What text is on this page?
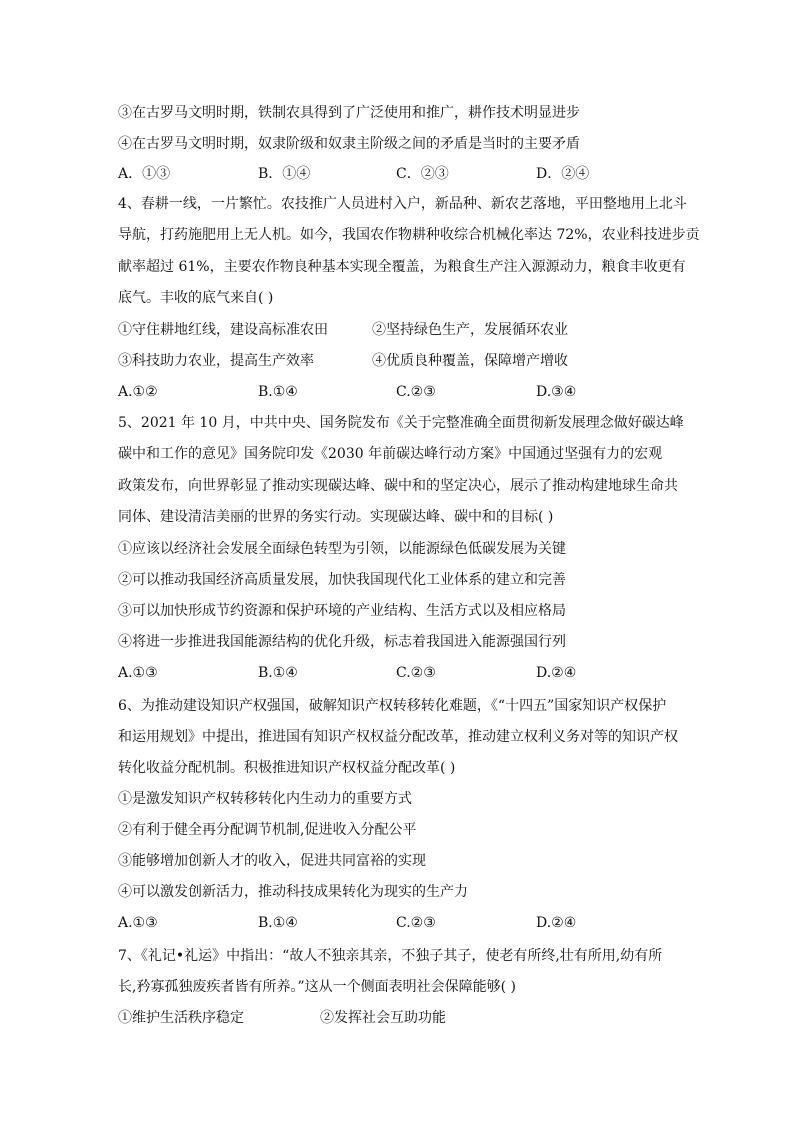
③在古罗马文明时期，铁制农具得到了广泛使用和推广，耕作技术明显进步
④在古罗马文明时期，奴隶阶级和奴隶主阶级之间的矛盾是当时的主要矛盾
A．①③	B．①④	C．②③	D．②④
4、春耕一线，一片繁忙。农技推广人员进村入户，新品种、新农艺落地，平田整地用上北斗
导航，打药施肥用上无人机。如今，我国农作物耕种收综合机械化率达 72%，农业科技进步贡
献率超过 61%，主要农作物良种基本实现全覆盖，为粮食生产注入源源动力，粮食丰收更有
底气。丰收的底气来自( )
①守住耕地红线，建设高标准农田	②坚持绿色生产，发展循环农业
③科技助力农业，提高生产效率	④优质良种覆盖，保障增产增收
A.①②	B.①④	C.②③	D.③④
5、2021 年 10 月，中共中央、国务院发布《关于完整准确全面贯彻新发展理念做好碳达峰
碳中和工作的意见》国务院印发《2030 年前碳达峰行动方案》中国通过坚强有力的宏观
政策发布，向世界彰显了推动实现碳达峰、碳中和的坚定决心，展示了推动构建地球生命共
同体、建设清洁美丽的世界的务实行动。实现碳达峰、碳中和的目标( )
①应该以经济社会发展全面绿色转型为引领，以能源绿色低碳发展为关键
②可以推动我国经济高质量发展，加快我国现代化工业体系的建立和完善
③可以加快形成节约资源和保护环境的产业结构、生活方式以及相应格局
④将进一步推进我国能源结构的优化升级，标志着我国进入能源强国行列
A.①③	B.①④	C.②③	D.②④
6、为推动建设知识产权强国，破解知识产权转移转化难题，《“十四五”国家知识产权保护
和运用规划》中提出，推进国有知识产权权益分配改革，推动建立权利义务对等的知识产权
转化收益分配机制。积极推进知识产权权益分配改革( )
①是激发知识产权转移转化内生动力的重要方式
②有利于健全再分配调节机制,促进收入分配公平
③能够增加创新人才的收入，促进共同富裕的实现
④可以激发创新活力，推动科技成果转化为现实的生产力
A.①③	B.①④	C.②③	D.②④
7、《礼记•礼运》中指出：“故人不独亲其亲，不独子其子，使老有所终,壮有所用,幼有所
长,矜寡孤独废疾者皆有所养。”这从一个侧面表明社会保障能够( )
①维护生活秩序稳定	②发挥社会互助功能
